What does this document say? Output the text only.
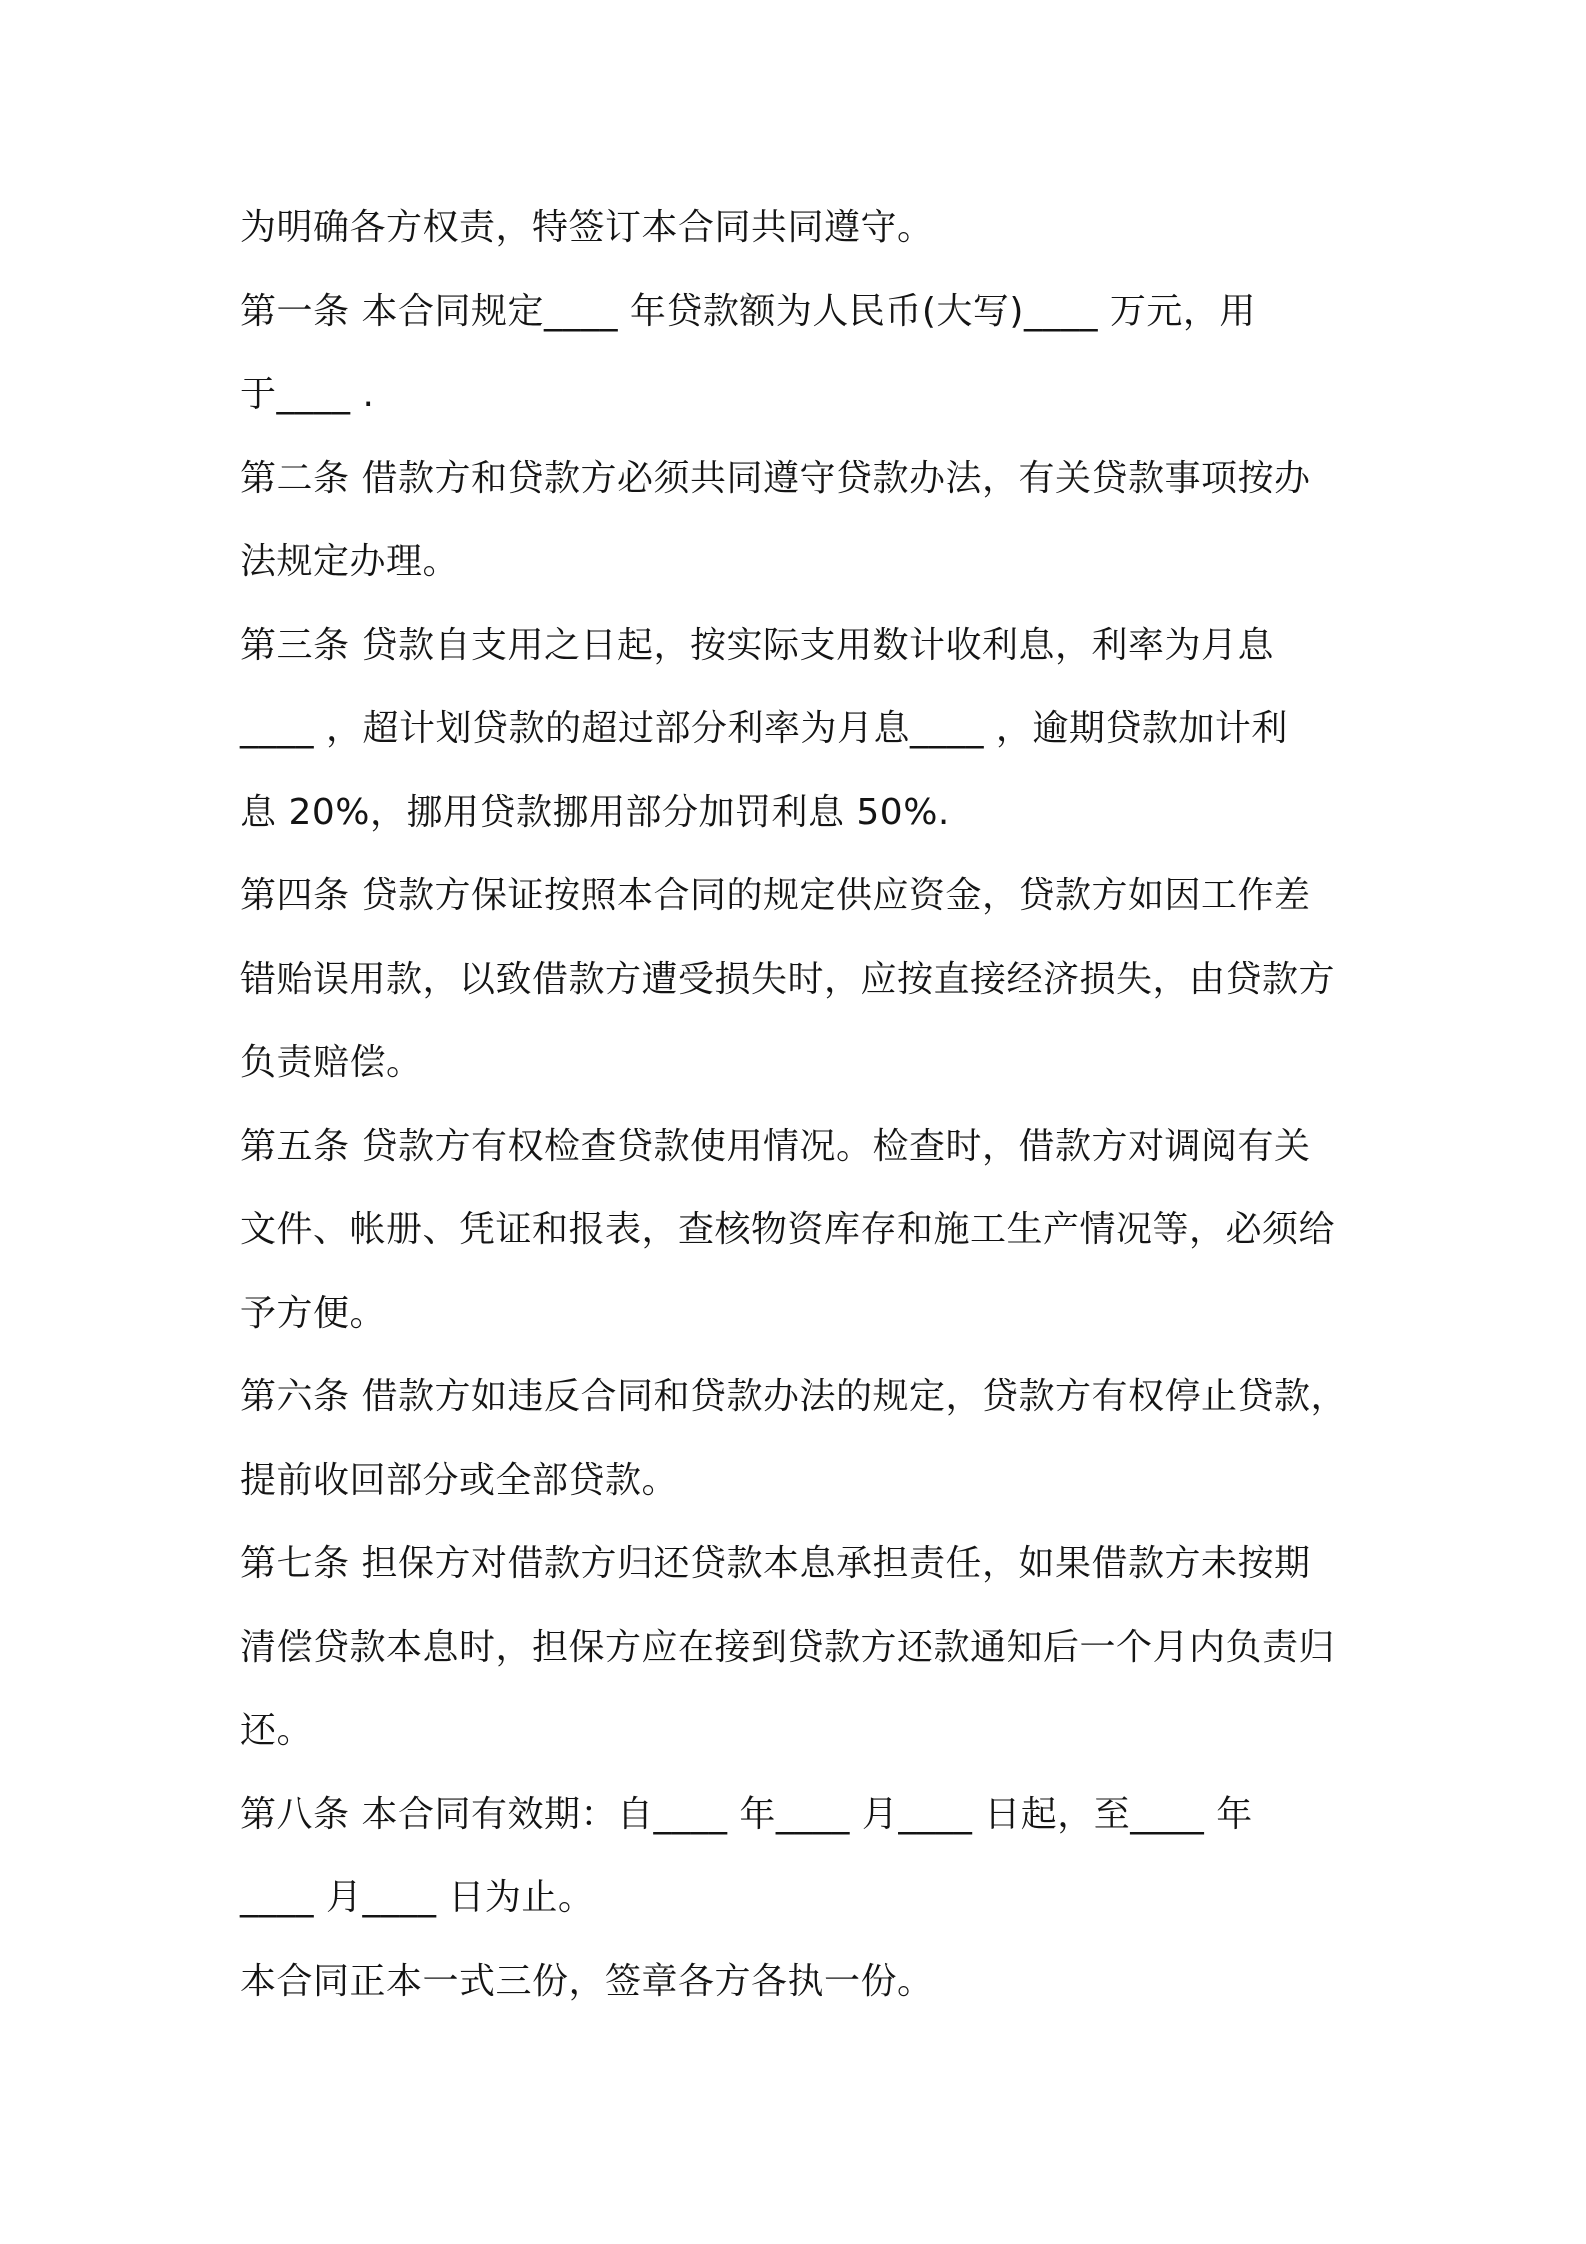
为明确各方权责，特签订本合同共同遵守。
第一条 本合同规定____ 年贷款额为人民币(大写)____ 万元，用
于____ .
第二条 借款方和贷款方必须共同遵守贷款办法，有关贷款事项按办
法规定办理。
第三条 贷款自支用之日起，按实际支用数计收利息，利率为月息
____ ，超计划贷款的超过部分利率为月息____ ，逾期贷款加计利
息 20%，挪用贷款挪用部分加罚利息 50%.
第四条 贷款方保证按照本合同的规定供应资金，贷款方如因工作差
错贻误用款，以致借款方遭受损失时，应按直接经济损失，由贷款方
负责赔偿。
第五条 贷款方有权检查贷款使用情况。检查时，借款方对调阅有关
文件、帐册、凭证和报表，查核物资库存和施工生产情况等，必须给
予方便。
第六条 借款方如违反合同和贷款办法的规定，贷款方有权停止贷款，
提前收回部分或全部贷款。
第七条 担保方对借款方归还贷款本息承担责任，如果借款方未按期
清偿贷款本息时，担保方应在接到贷款方还款通知后一个月内负责归
还。
第八条 本合同有效期：自____ 年____ 月____ 日起，至____ 年
____ 月____ 日为止。
本合同正本一式三份，签章各方各执一份。
